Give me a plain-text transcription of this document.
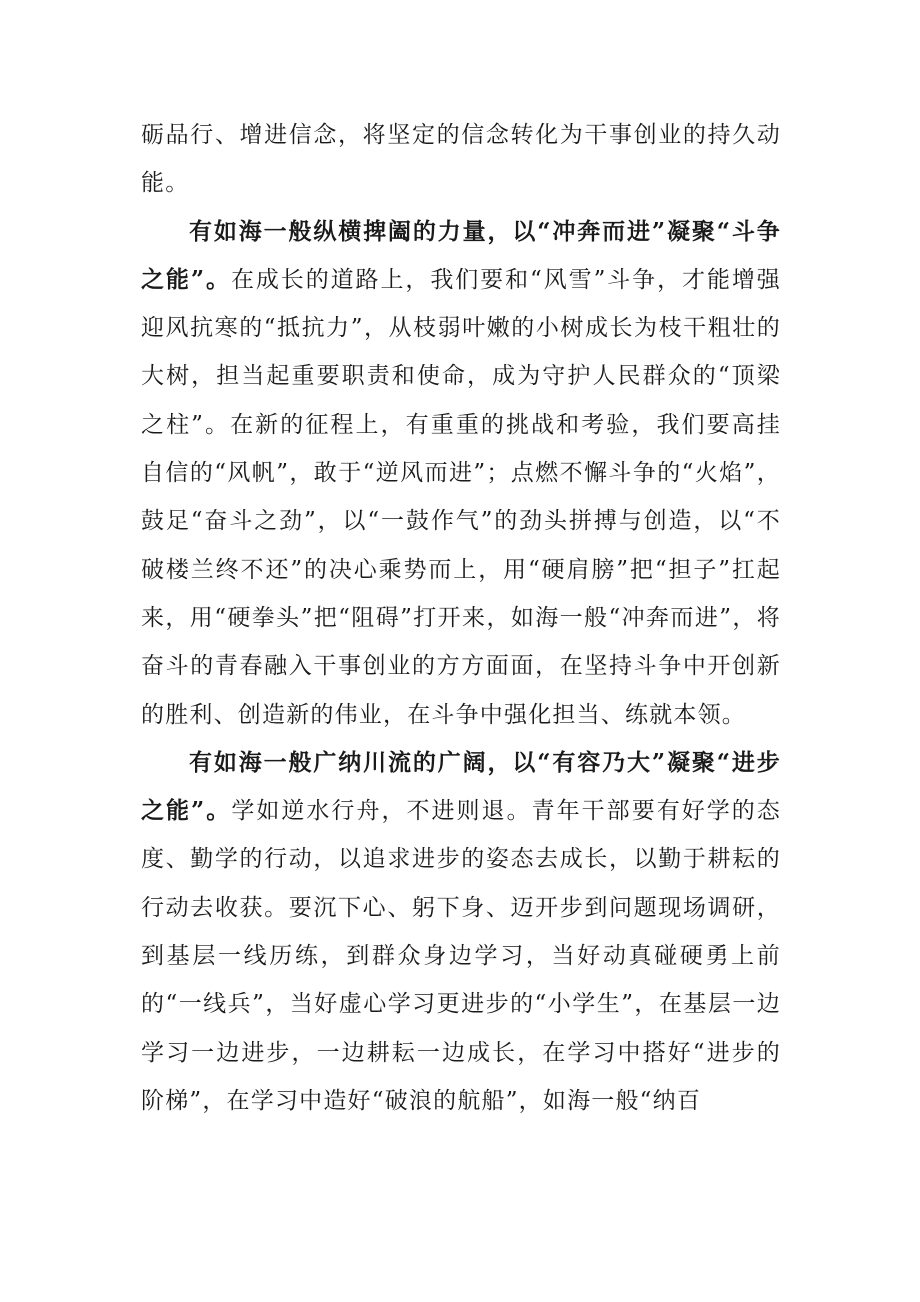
砺品行、增进信念，将坚定的信念转化为干事创业的持久动能。

有如海一般纵横捭阖的力量，以“冲奔而进”凝聚“斗争之能”。在成长的道路上，我们要和“风雪”斗争，才能增强迎风抗寒的“抵抗力”，从枝弱叶嫩的小树成长为枝干粗壮的大树，担当起重要职责和使命，成为守护人民群众的“顶梁之柱”。在新的征程上，有重重的挑战和考验，我们要高挂自信的“风帆”，敢于“逆风而进”；点燃不懈斗争的“火焰”，鼓足“奋斗之劲”，以“一鼓作气”的劲头拼搏与创造，以“不破楼兰终不还”的决心乘势而上，用“硬肩膀”把“担子”扛起来，用“硬拳头”把“阻碍”打开来，如海一般“冲奔而进”，将奋斗的青春融入干事创业的方方面面，在坚持斗争中开创新的胜利、创造新的伟业，在斗争中强化担当、练就本领。

有如海一般广纳川流的广阔，以“有容乃大”凝聚“进步之能”。学如逆水行舟，不进则退。青年干部要有好学的态度、勤学的行动，以追求进步的姿态去成长，以勤于耕耘的行动去收获。要沉下心、躬下身、迈开步到问题现场调研，到基层一线历练，到群众身边学习，当好动真碰硬勇上前的“一线兵”，当好虚心学习更进步的“小学生”，在基层一边学习一边进步，一边耕耘一边成长，在学习中搭好“进步的阶梯”，在学习中造好“破浪的航船”，如海一般“纳百
